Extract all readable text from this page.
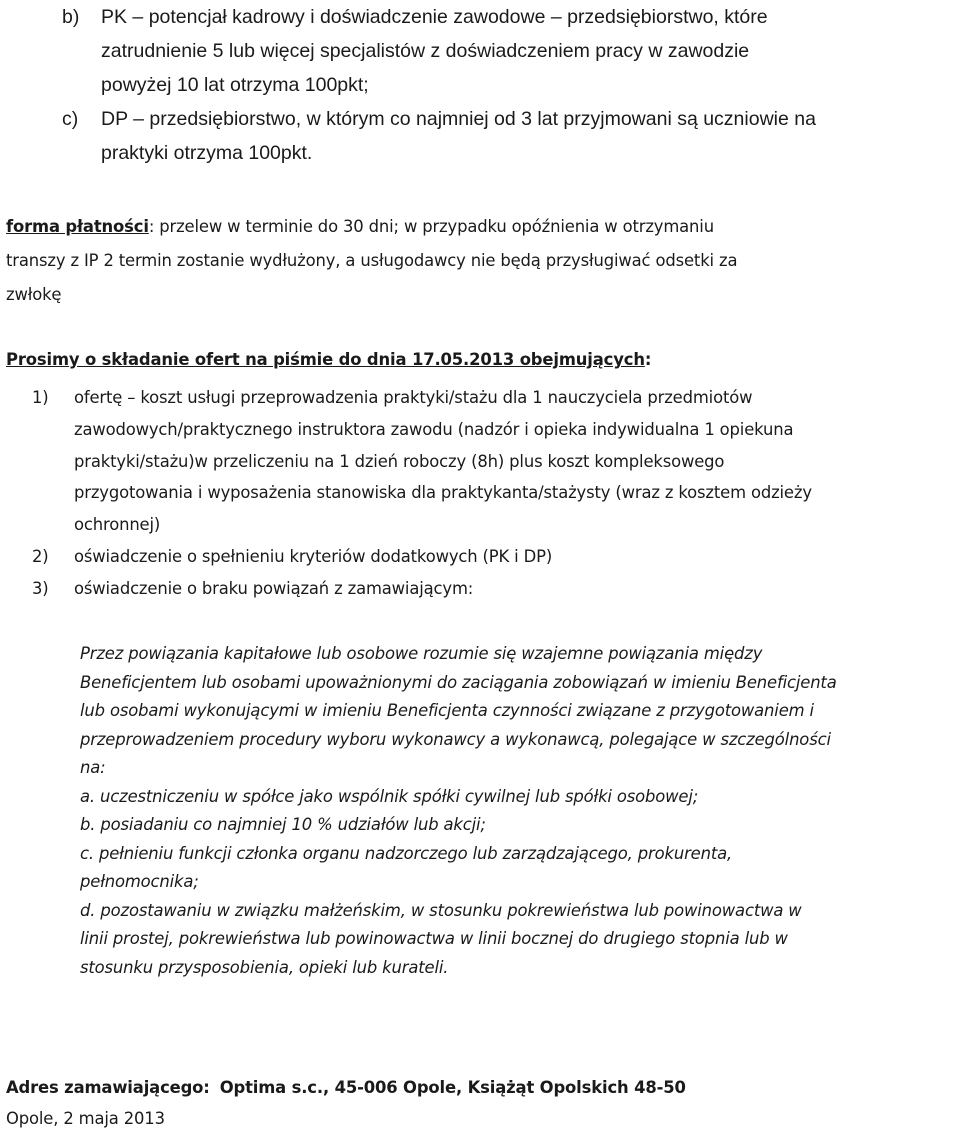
b) PK – potencjał kadrowy i doświadczenie zawodowe – przedsiębiorstwo, które
zatrudnienie 5 lub więcej specjalistów z doświadczeniem pracy w zawodzie
powyżej 10 lat otrzyma 100pkt;
c) DP – przedsiębiorstwo, w którym co najmniej od 3 lat przyjmowani są uczniowie na
praktyki otrzyma 100pkt.
forma płatności: przelew w terminie do 30 dni; w przypadku opóźnienia w otrzymaniu
transzy z IP 2 termin zostanie wydłużony, a usługodawcy nie będą przysługiwać odsetki za
zwłokę
Prosimy o składanie ofert na piśmie do dnia 17.05.2013 obejmujących:
1) ofertę – koszt usługi przeprowadzenia praktyki/stażu dla 1 nauczyciela przedmiotów
zawodowych/praktycznego instruktora zawodu (nadzór i opieka indywidualna 1 opiekuna
praktyki/stażu)w przeliczeniu na 1 dzień roboczy (8h) plus koszt kompleksowego
przygotowania i wyposażenia stanowiska dla praktykanta/stażysty (wraz z kosztem odzieży
ochronnej)
2) oświadczenie o spełnieniu kryteriów dodatkowych (PK i DP)
3) oświadczenie o braku powiązań z zamawiającym:
Przez powiązania kapitałowe lub osobowe rozumie się wzajemne powiązania między
Beneficjentem lub osobami upoważnionymi do zaciągania zobowiązań w imieniu Beneficjenta
lub osobami wykonującymi w imieniu Beneficjenta czynności związane z przygotowaniem i
przeprowadzeniem procedury wyboru wykonawcy a wykonawcą, polegające w szczególności
na:
a. uczestniczeniu w spółce jako wspólnik spółki cywilnej lub spółki osobowej;
b. posiadaniu co najmniej 10 % udziałów lub akcji;
c. pełnieniu funkcji członka organu nadzorczego lub zarządzającego, prokurenta,
pełnomocnika;
d. pozostawaniu w związku małżeńskim, w stosunku pokrewieństwa lub powinowactwa w
linii prostej, pokrewieństwa lub powinowactwa w linii bocznej do drugiego stopnia lub w
stosunku przysposobienia, opieki lub kurateli.
Adres zamawiającego: Optima s.c., 45-006 Opole, Książąt Opolskich 48-50
Opole, 2 maja 2013
